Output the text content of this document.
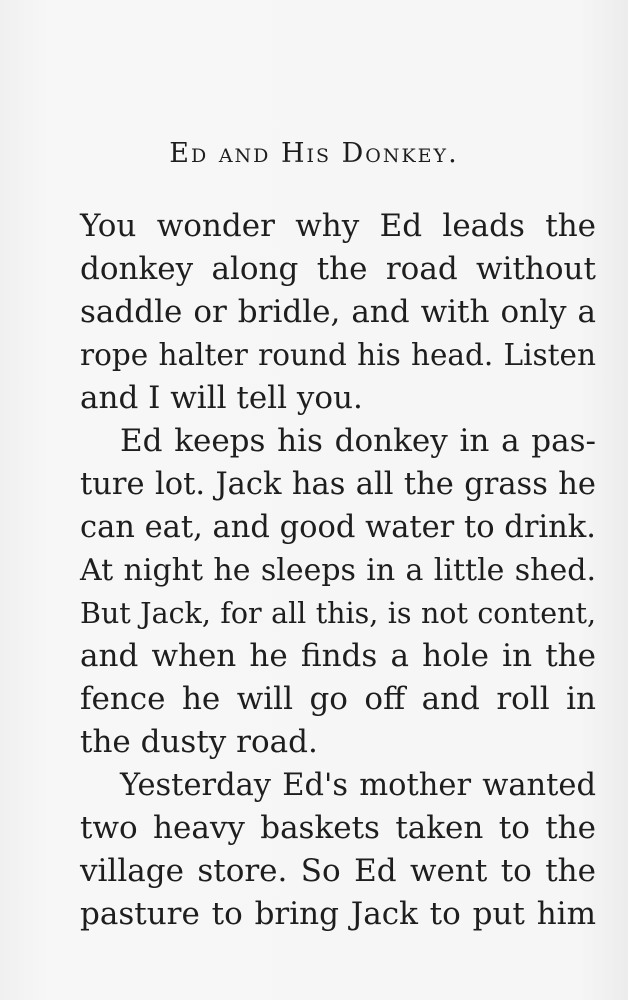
Ed and His Donkey.
You wonder why Ed leads the
donkey along the road without
saddle or bridle, and with only a
rope halter round his head. Listen
and I will tell you.
Ed keeps his donkey in a pas-
ture lot. Jack has all the grass he
can eat, and good water to drink.
At night he sleeps in a little shed.
But Jack, for all this, is not content,
and when he finds a hole in the
fence he will go off and roll in
the dusty road.
Yesterday Ed's mother wanted
two heavy baskets taken to the
village store. So Ed went to the
pasture to bring Jack to put him
